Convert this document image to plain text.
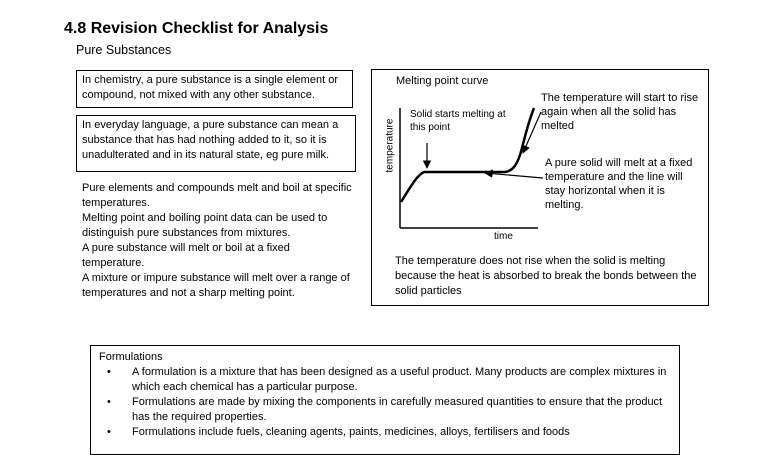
4.8 Revision Checklist for Analysis
Pure Substances
In chemistry, a pure substance is a single element or compound, not mixed with any other substance.
In everyday language, a pure substance can mean a substance that has had nothing added to it, so it is unadulterated and in its natural state, eg pure milk.

Pure elements and compounds melt and boil at specific temperatures.

Melting point and boiling point data can be used to distinguish pure substances from mixtures.

A pure substance will melt or boil at a fixed temperature.

A mixture or impure substance will melt over a range of temperatures and not a sharp melting point.

Melting point curve
temperature
time
Solid starts melting at this point
The temperature will start to rise again when all the solid has melted
A pure solid will melt at a fixed temperature and the line will stay horizontal when it is melting.
The temperature does not rise when the solid is melting because the heat is absorbed to break the bonds between the solid particles
Formulations
• A formulation is a mixture that has been designed as a useful product. Many products are complex mixtures in which each chemical has a particular purpose.
• Formulations are made by mixing the components in carefully measured quantities to ensure that the product has the required properties.
• Formulations include fuels, cleaning agents, paints, medicines, alloys, fertilisers and foods
